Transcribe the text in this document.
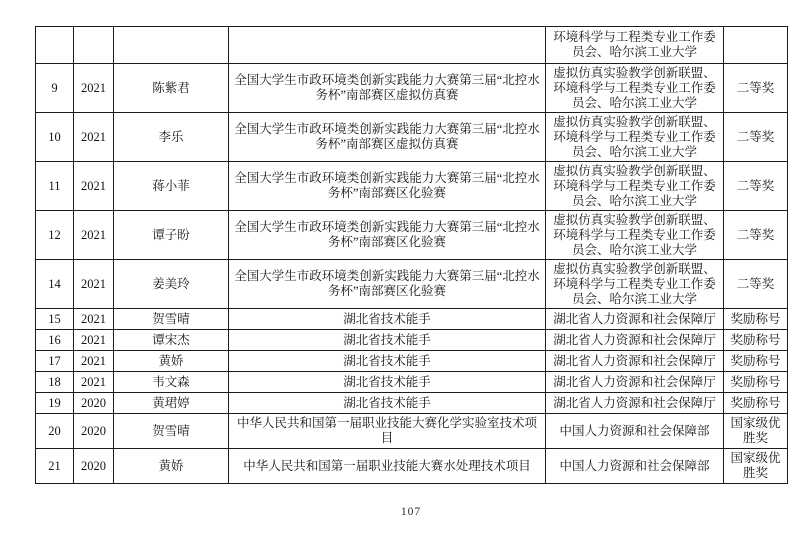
				环境科学与工程类专业工作委员会、哈尔滨工业大学	
9	2021	陈紫君	全国大学生市政环境类创新实践能力大赛第三届“北控水务杯”南部赛区虚拟仿真赛	虚拟仿真实验教学创新联盟、环境科学与工程类专业工作委员会、哈尔滨工业大学	二等奖
10	2021	李乐	全国大学生市政环境类创新实践能力大赛第三届“北控水务杯”南部赛区虚拟仿真赛	虚拟仿真实验教学创新联盟、环境科学与工程类专业工作委员会、哈尔滨工业大学	二等奖
11	2021	蒋小菲	全国大学生市政环境类创新实践能力大赛第三届“北控水务杯”南部赛区化验赛	虚拟仿真实验教学创新联盟、环境科学与工程类专业工作委员会、哈尔滨工业大学	二等奖
12	2021	谭子盼	全国大学生市政环境类创新实践能力大赛第三届“北控水务杯”南部赛区化验赛	虚拟仿真实验教学创新联盟、环境科学与工程类专业工作委员会、哈尔滨工业大学	二等奖
14	2021	姜美玲	全国大学生市政环境类创新实践能力大赛第三届“北控水务杯”南部赛区化验赛	虚拟仿真实验教学创新联盟、环境科学与工程类专业工作委员会、哈尔滨工业大学	二等奖
15	2021	贺雪晴	湖北省技术能手	湖北省人力资源和社会保障厅	奖励称号
16	2021	谭宋杰	湖北省技术能手	湖北省人力资源和社会保障厅	奖励称号
17	2021	黄娇	湖北省技术能手	湖北省人力资源和社会保障厅	奖励称号
18	2021	韦文森	湖北省技术能手	湖北省人力资源和社会保障厅	奖励称号
19	2020	黄珺婷	湖北省技术能手	湖北省人力资源和社会保障厅	奖励称号
20	2020	贺雪晴	中华人民共和国第一届职业技能大赛化学实验室技术项目	中国人力资源和社会保障部	国家级优胜奖
21	2020	黄娇	中华人民共和国第一届职业技能大赛水处理技术项目	中国人力资源和社会保障部	国家级优胜奖
107
